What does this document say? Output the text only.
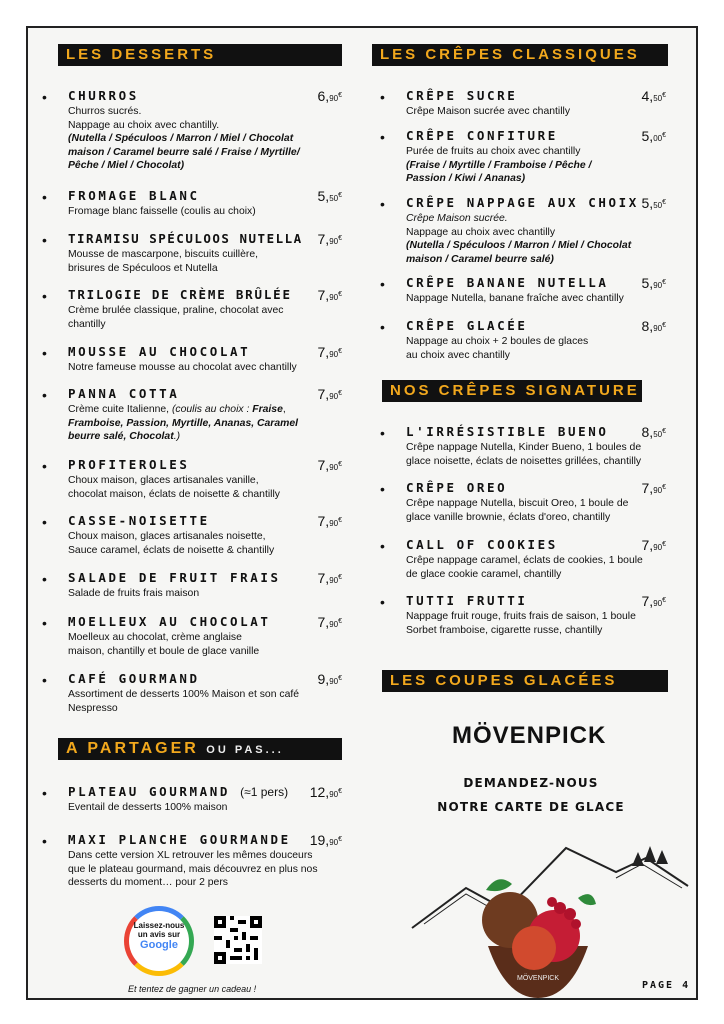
LES DESSERTS
• CHURROS	6,90€
Churros sucrés.
Nappage au choix avec chantilly.
(Nutella / Spéculoos / Marron / Miel / Chocolat
maison / Caramel beurre salé / Fraise / Myrtille/
Pêche / Miel / Chocolat)
• FROMAGE BLANC	5,50€
Fromage blanc faisselle (coulis au choix)
• TIRAMISU SPÉCULOOS NUTELLA 7,90€
Mousse de mascarpone, biscuits cuillère,
brisures de Spéculoos et Nutella
• TRILOGIE DE CRÈME BRÛLÉE 7,90€
Crème brulée classique, praline, chocolat avec
chantilly
• MOUSSE AU CHOCOLAT	7,90€
Notre fameuse mousse au chocolat avec chantilly
• PANNA COTTA	7,90€
Crème cuite Italienne, (coulis au choix : Fraise,
Framboise, Passion, Myrtille, Ananas, Caramel
beurre salé, Chocolat.)
• PROFITEROLES	7,90€
Choux maison, glaces artisanales vanille,
chocolat maison, éclats de noisette & chantilly
• CASSE-NOISETTE	7,90€
Choux maison, glaces artisanales noisette,
Sauce caramel, éclats de noisette & chantilly
• SALADE DE FRUIT FRAIS	7,90€
Salade de fruits frais maison
• MOELLEUX AU CHOCOLAT	7,90€
Moelleux au chocolat, crème anglaise
maison, chantilly et boule de glace vanille
• CAFÉ GOURMAND	9,90€
Assortiment de desserts 100% Maison et son café
Nespresso
A PARTAGER OU PAS...
• PLATEAU GOURMAND (≈1 pers) 12,90€
Eventail de desserts 100% maison
• MAXI PLANCHE GOURMANDE 19,90€
Dans cette version XL retrouver les mêmes douceurs
que le plateau gourmand, mais découvrez en plus nos
desserts du moment… pour 2 pers
Laissez-nous
un avis sur
Google
Et tentez de gagner un cadeau !
LES CRÊPES CLASSIQUES
• CRÊPE SUCRE	4,50€
Crêpe Maison sucrée avec chantilly
• CRÊPE CONFITURE	5,00€
Purée de fruits au choix avec chantilly
(Fraise / Myrtille / Framboise / Pêche /
Passion / Kiwi / Ananas)
• CRÊPE NAPPAGE AUX CHOIX 5,50€
Crêpe Maison sucrée.
Nappage au choix avec chantilly
(Nutella / Spéculoos / Marron / Miel / Chocolat
maison / Caramel beurre salé)
• CRÊPE BANANE NUTELLA 5,90€
Nappage Nutella, banane fraîche avec chantilly
• CRÊPE GLACÉE	8,90€
Nappage au choix + 2 boules de glaces
au choix avec chantilly
NOS CRÊPES SIGNATURE
• L'IRRÉSISTIBLE BUENO 8,50€
Crêpe nappage Nutella, Kinder Bueno, 1 boules de
glace noisette, éclats de noisettes grillées, chantilly
• CRÊPE OREO	7,90€
Crêpe nappage Nutella, biscuit Oreo, 1 boule de
glace vanille brownie, éclats d'oreo, chantilly
• CALL OF COOKIES	7,90€
Crêpe nappage caramel, éclats de cookies, 1 boule
de glace cookie caramel, chantilly
• TUTTI FRUTTI	7,90€
Nappage fruit rouge, fruits frais de saison, 1 boule
Sorbet framboise, cigarette russe, chantilly
LES COUPES GLACÉES
MÖVENPICK
DEMANDEZ-NOUS
NOTRE CARTE DE GLACE
MÖVENPICK
PAGE 4
